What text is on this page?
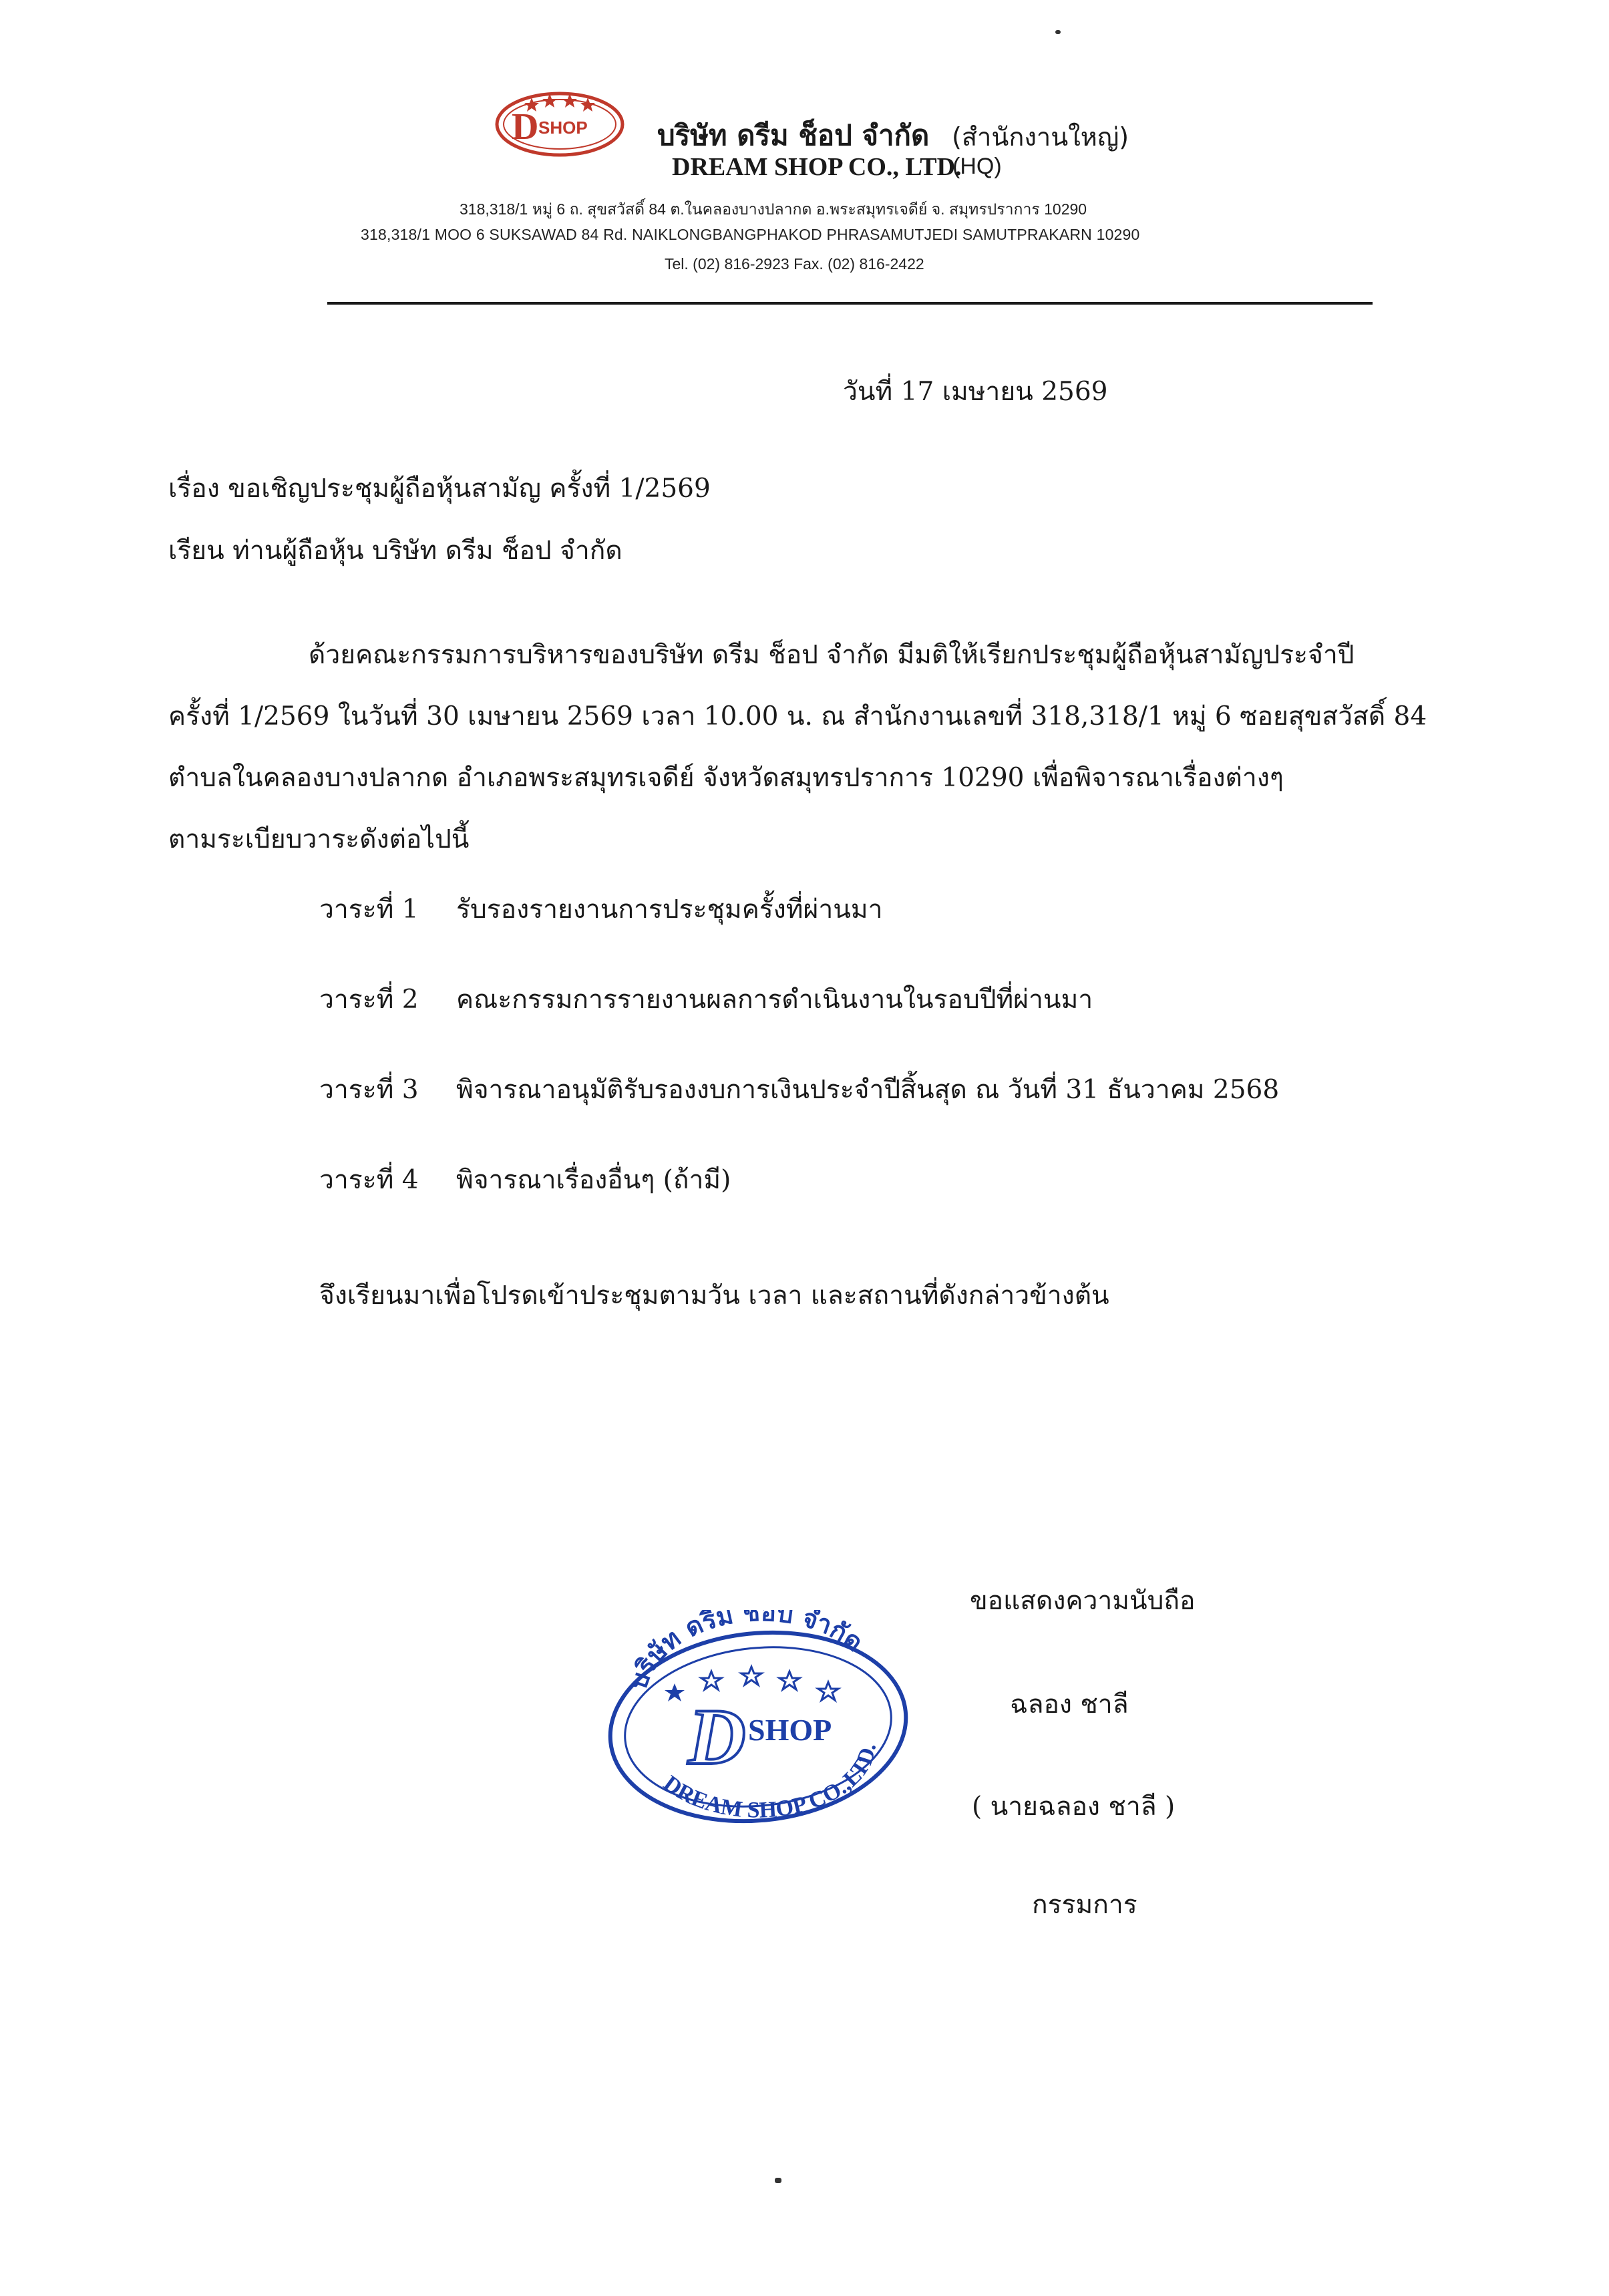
D SHOP บริษัท ดรีม ช็อป จำกัด (สำนักงานใหญ่)
DREAM SHOP CO., LTD.
(HQ)
318,318/1 หมู่ 6 ถ. สุขสวัสดิ์ 84 ต.ในคลองบางปลากด อ.พระสมุทรเจดีย์ จ. สมุทรปราการ 10290
318,318/1 MOO 6 SUKSAWAD 84 Rd. NAIKLONGBANGPHAKOD PHRASAMUTJEDI SAMUTPRAKARN 10290
Tel. (02) 816-2923 Fax. (02) 816-2422
วันที่ 17 เมษายน 2569
เรื่อง ขอเชิญประชุมผู้ถือหุ้นสามัญ ครั้งที่ 1/2569
เรียน ท่านผู้ถือหุ้น บริษัท ดรีม ช็อป จำกัด
ด้วยคณะกรรมการบริหารของบริษัท ดรีม ช็อป จำกัด มีมติให้เรียกประชุมผู้ถือหุ้นสามัญประจำปี
ครั้งที่ 1/2569 ในวันที่ 30 เมษายน 2569 เวลา 10.00 น. ณ สำนักงานเลขที่ 318,318/1 หมู่ 6 ซอยสุขสวัสดิ์ 84
ตำบลในคลองบางปลากด อำเภอพระสมุทรเจดีย์ จังหวัดสมุทรปราการ 10290 เพื่อพิจารณาเรื่องต่างๆ
ตามระเบียบวาระดังต่อไปนี้
วาระที่ 1 รับรองรายงานการประชุมครั้งที่ผ่านมา
วาระที่ 2 คณะกรรมการรายงานผลการดำเนินงานในรอบปีที่ผ่านมา
วาระที่ 3 พิจารณาอนุมัติรับรองงบการเงินประจำปีสิ้นสุด ณ วันที่ 31 ธันวาคม 2568
วาระที่ 4 พิจารณาเรื่องอื่นๆ (ถ้ามี)
จึงเรียนมาเพื่อโปรดเข้าประชุมตามวัน เวลา และสถานที่ดังกล่าวข้างต้น
บริษัท ดรีม ช็อป จำกัด
D SHOP
DREAM SHOP CO.,LTD.
ขอแสดงความนับถือ
ฉลอง ชาลี
( นายฉลอง ชาลี )
กรรมการ
